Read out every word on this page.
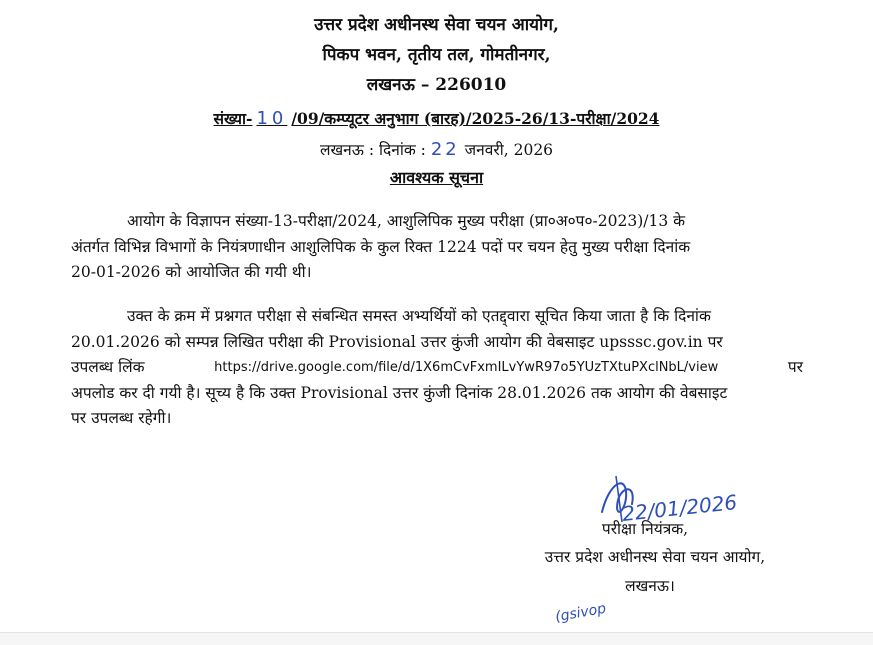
उत्तर प्रदेश अधीनस्थ सेवा चयन आयोग,
पिकप भवन, तृतीय तल, गोमतीनगर,
लखनऊ – 226010
संख्या- 10 /09/कम्प्यूटर अनुभाग (बारह)/2025-26/13-परीक्षा/2024
लखनऊ : दिनांक : 22 जनवरी, 2026
आवश्यक सूचना
आयोग के विज्ञापन संख्या-13-परीक्षा/2024, आशुलिपिक मुख्य परीक्षा (प्रा०अ०प०-2023)/13 के
अंतर्गत विभिन्न विभागों के नियंत्रणाधीन आशुलिपिक के कुल रिक्त 1224 पदों पर चयन हेतु मुख्य परीक्षा दिनांक
20-01-2026 को आयोजित की गयी थी।
उक्त के क्रम में प्रश्नगत परीक्षा से संबन्धित समस्त अभ्यर्थियों को एतद्द्वारा सूचित किया जाता है कि दिनांक
20.01.2026 को सम्पन्न लिखित परीक्षा की Provisional उत्तर कुंजी आयोग की वेबसाइट upsssc.gov.in पर
उपलब्ध लिंक	https://drive.google.com/file/d/1X6mCvFxmILvYwR97o5YUzTXtuPXclNbL/view	पर
अपलोड कर दी गयी है। सूच्य है कि उक्त Provisional उत्तर कुंजी दिनांक 28.01.2026 तक आयोग की वेबसाइट
पर उपलब्ध रहेगी।
22/01/2026
परीक्षा नियंत्रक,
उत्तर प्रदेश अधीनस्थ सेवा चयन आयोग,
लखनऊ।
(gsivop
